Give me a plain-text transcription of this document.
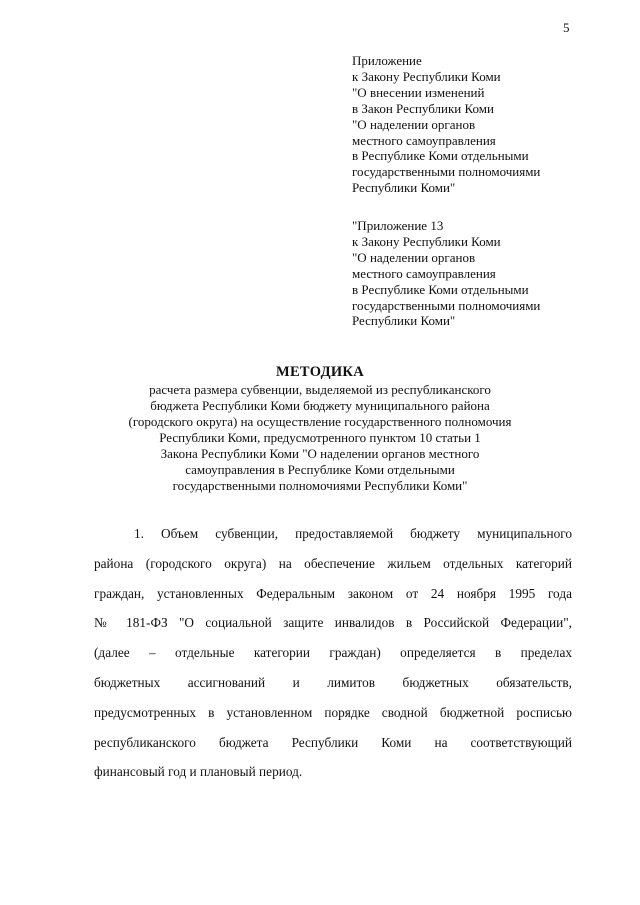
5
Приложение
к Закону Республики Коми
"О внесении изменений
в Закон Республики Коми
"О наделении органов
местного самоуправления
в Республике Коми отдельными
государственными полномочиями
Республики Коми"
"Приложение 13
к Закону Республики Коми
"О наделении органов
местного самоуправления
в Республике Коми отдельными
государственными полномочиями
Республики Коми"
МЕТОДИКА
расчета размера субвенции, выделяемой из республиканского
бюджета Республики Коми бюджету муниципального района
(городского округа) на осуществление государственного полномочия
Республики Коми, предусмотренного пунктом 10 статьи 1
Закона Республики Коми "О наделении органов местного
самоуправления в Республике Коми отдельными
государственными полномочиями Республики Коми"
1. Объем субвенции, предоставляемой бюджету муниципального
района (городского округа) на обеспечение жильем отдельных категорий
граждан, установленных Федеральным законом от 24 ноября 1995 года
№ 181-ФЗ "О социальной защите инвалидов в Российской Федерации",
(далее – отдельные категории граждан) определяется в пределах
бюджетных ассигнований и лимитов бюджетных обязательств,
предусмотренных в установленном порядке сводной бюджетной росписью
республиканского бюджета Республики Коми на соответствующий
финансовый год и плановый период.
